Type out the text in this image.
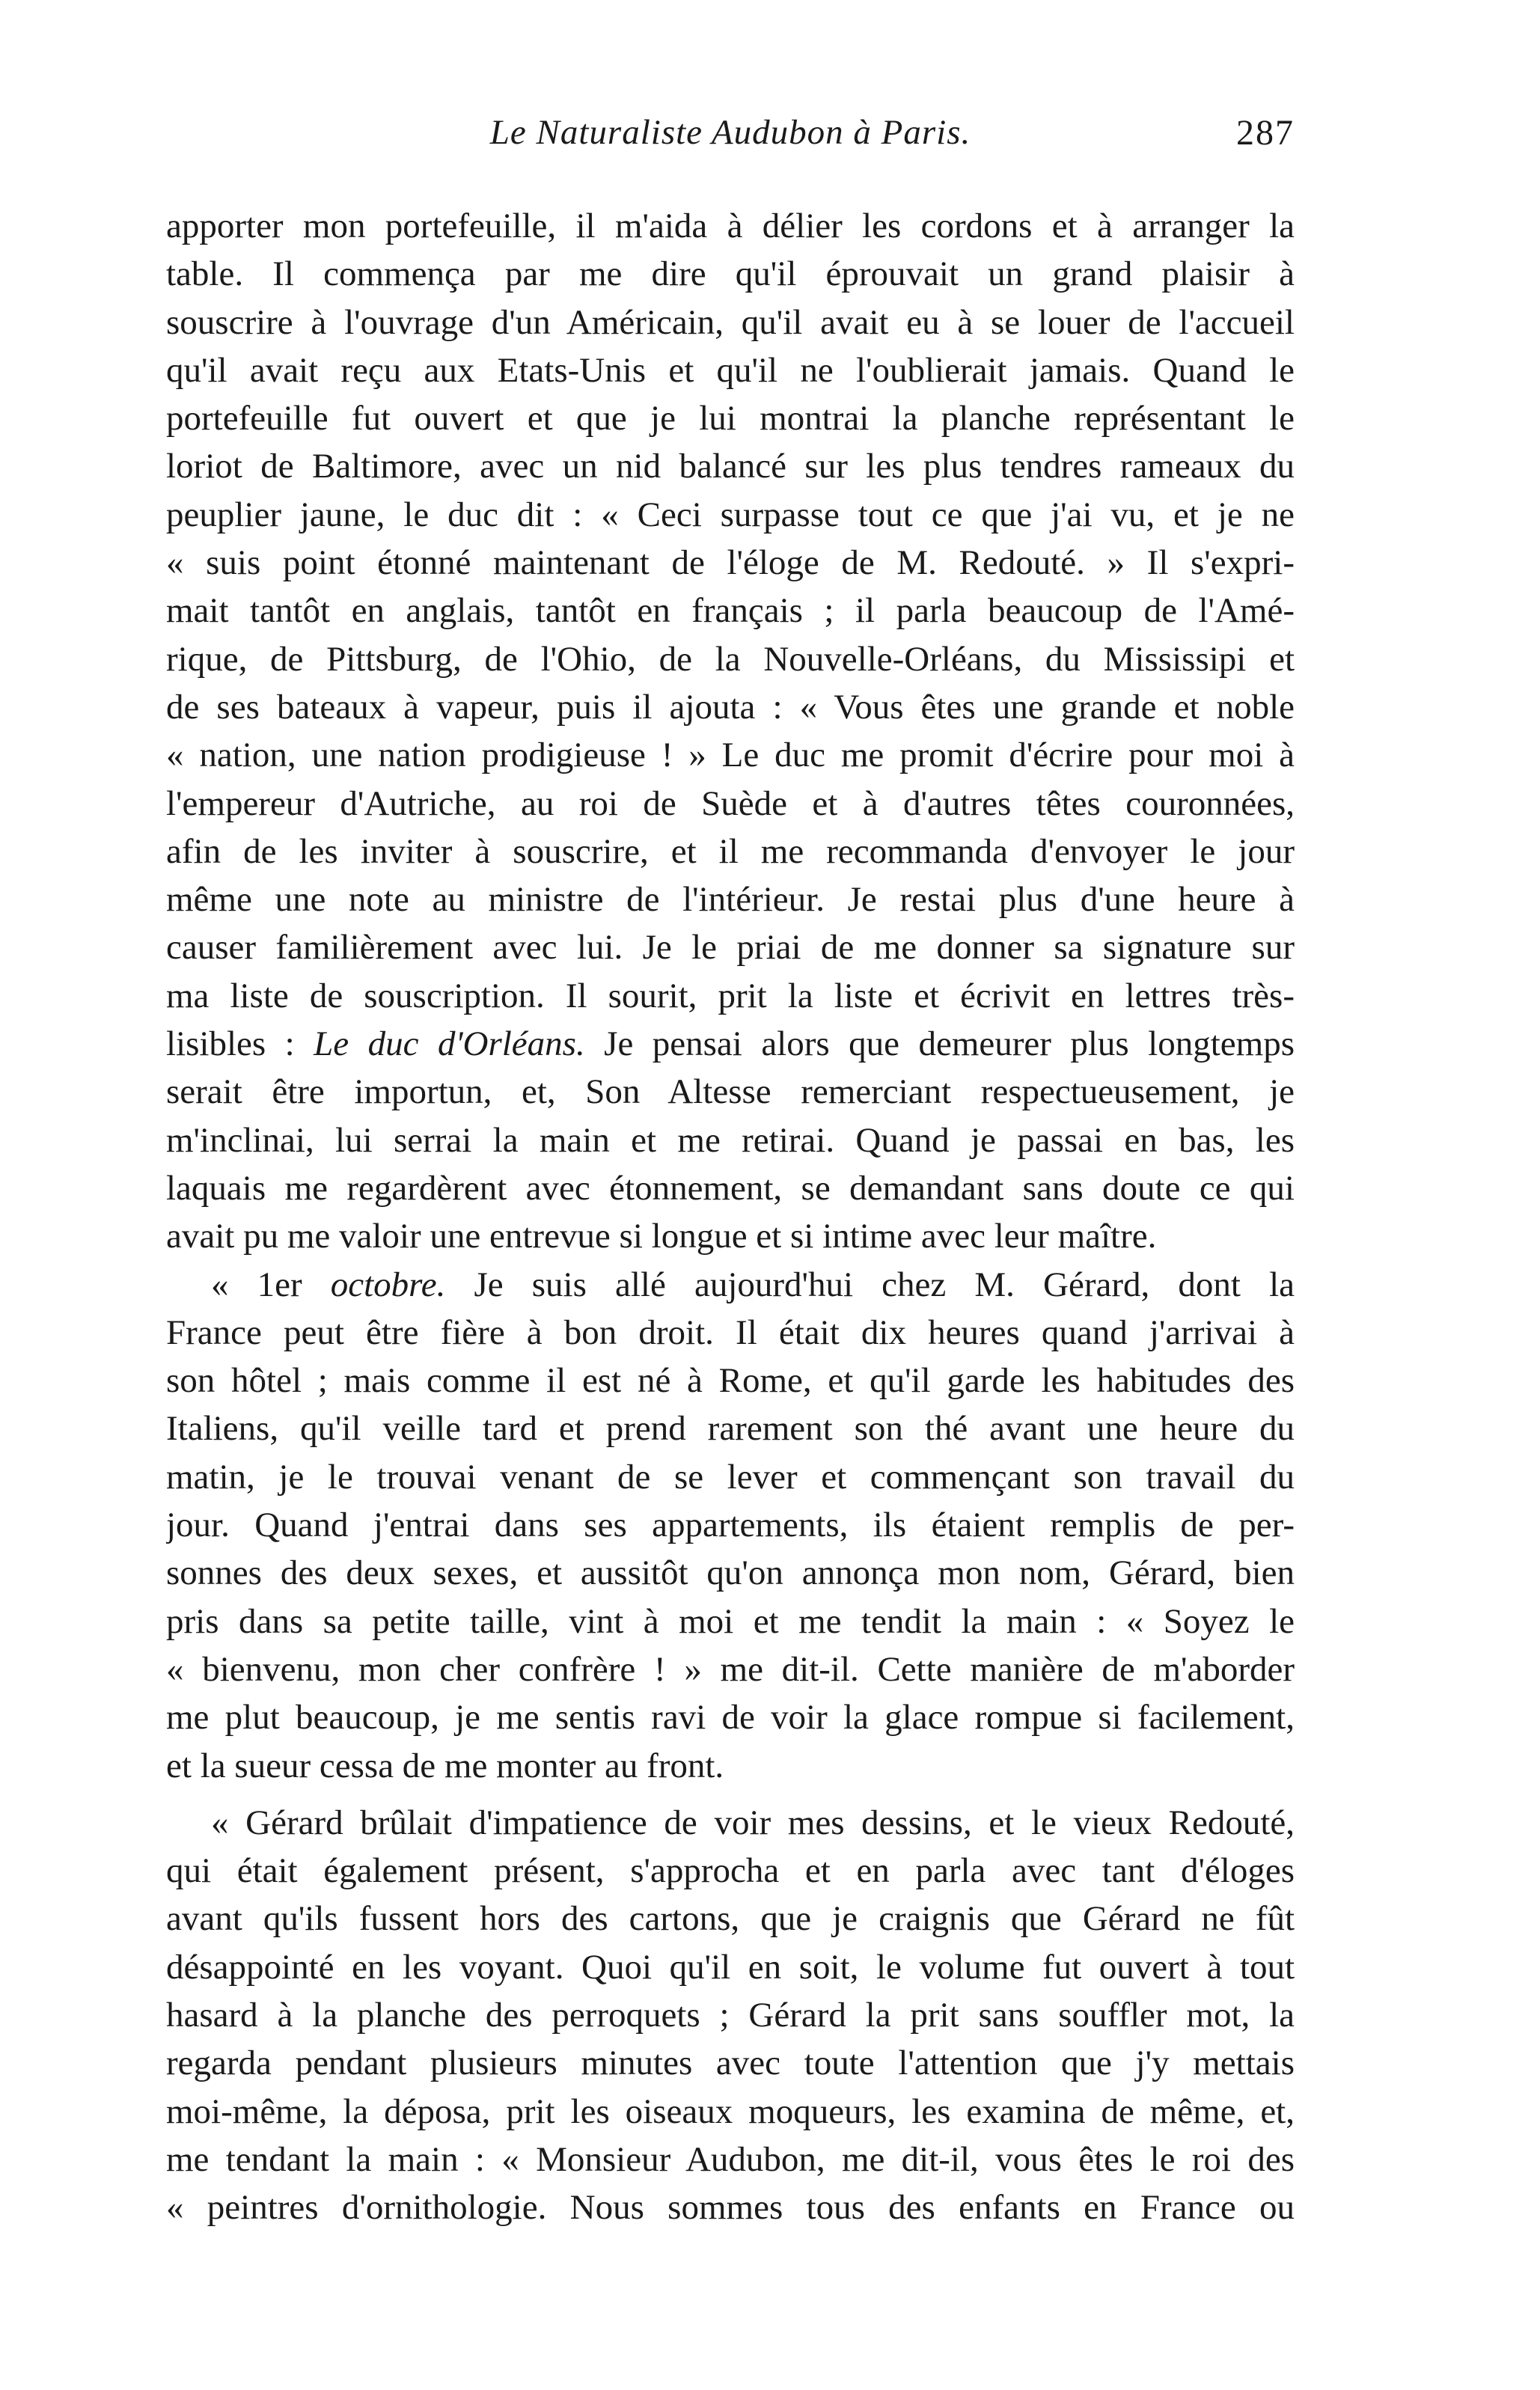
Le Naturaliste Audubon à Paris.	287
apporter mon portefeuille, il m'aida à délier les cordons et à arranger la
table. Il commença par me dire qu'il éprouvait un grand plaisir à
souscrire à l'ouvrage d'un Américain, qu'il avait eu à se louer de l'accueil
qu'il avait reçu aux Etats-Unis et qu'il ne l'oublierait jamais. Quand le
portefeuille fut ouvert et que je lui montrai la planche représentant le
loriot de Baltimore, avec un nid balancé sur les plus tendres rameaux du
peuplier jaune, le duc dit : « Ceci surpasse tout ce que j'ai vu, et je ne
« suis point étonné maintenant de l'éloge de M. Redouté. » Il s'expri-
mait tantôt en anglais, tantôt en français ; il parla beaucoup de l'Amé-
rique, de Pittsburg, de l'Ohio, de la Nouvelle-Orléans, du Mississipi et
de ses bateaux à vapeur, puis il ajouta : « Vous êtes une grande et noble
« nation, une nation prodigieuse ! » Le duc me promit d'écrire pour moi à
l'empereur d'Autriche, au roi de Suède et à d'autres têtes couronnées,
afin de les inviter à souscrire, et il me recommanda d'envoyer le jour
même une note au ministre de l'intérieur. Je restai plus d'une heure à
causer familièrement avec lui. Je le priai de me donner sa signature sur
ma liste de souscription. Il sourit, prit la liste et écrivit en lettres très-
lisibles : Le duc d'Orléans. Je pensai alors que demeurer plus longtemps
serait être importun, et, Son Altesse remerciant respectueusement, je
m'inclinai, lui serrai la main et me retirai. Quand je passai en bas, les
laquais me regardèrent avec étonnement, se demandant sans doute ce qui
avait pu me valoir une entrevue si longue et si intime avec leur maître.
« 1er octobre. Je suis allé aujourd'hui chez M. Gérard, dont la
France peut être fière à bon droit. Il était dix heures quand j'arrivai à
son hôtel ; mais comme il est né à Rome, et qu'il garde les habitudes des
Italiens, qu'il veille tard et prend rarement son thé avant une heure du
matin, je le trouvai venant de se lever et commençant son travail du
jour. Quand j'entrai dans ses appartements, ils étaient remplis de per-
sonnes des deux sexes, et aussitôt qu'on annonça mon nom, Gérard, bien
pris dans sa petite taille, vint à moi et me tendit la main : « Soyez le
« bienvenu, mon cher confrère ! » me dit-il. Cette manière de m'aborder
me plut beaucoup, je me sentis ravi de voir la glace rompue si facilement,
et la sueur cessa de me monter au front.
« Gérard brûlait d'impatience de voir mes dessins, et le vieux Redouté,
qui était également présent, s'approcha et en parla avec tant d'éloges
avant qu'ils fussent hors des cartons, que je craignis que Gérard ne fût
désappointé en les voyant. Quoi qu'il en soit, le volume fut ouvert à tout
hasard à la planche des perroquets ; Gérard la prit sans souffler mot, la
regarda pendant plusieurs minutes avec toute l'attention que j'y mettais
moi-même, la déposa, prit les oiseaux moqueurs, les examina de même, et,
me tendant la main : « Monsieur Audubon, me dit-il, vous êtes le roi des
« peintres d'ornithologie. Nous sommes tous des enfants en France ou
